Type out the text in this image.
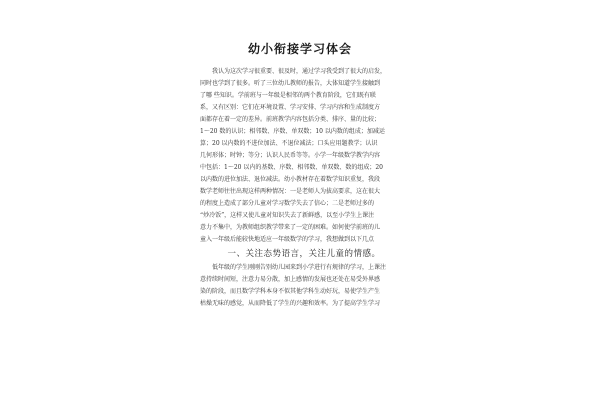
幼小衔接学习体会
我认为这次学习很重要、很及时，通过学习我受到了很大的启发，
同时也学到了很多。听了三位幼儿教师的报告，大体知道学生接触到
了哪 些知识。学前班与一年级是相邻的两个教育阶段，它们既有联
系，又有区别：它们在环境设置、学习安排、学习内容和生成制度方
面都存在着一定的差异。前班教学内容包括分类、排序、量的比较；
1～20 数的认识；相邻数、序数、单双数；10 以内数的组成；加减运
算；20 以内数的不进位加法、不退位减法；口头应用题教学；认识
几何形体；时钟；等分；认识人民币等等。小学一年级数学教学内容
中包括：1～20 以内的基数、序数、相邻数、单双数、数的组成；20
以内数的进位加法、退位减法。幼小教材存在着数学知识重复，我段
数学老师往往出现这样两种情况：一是老师人为拔高要求，这在很大
的程度上造成了部分儿童对学习数学失去了信心；二是老师过多的
“炒冷饭”，这样又使儿童对知识失去了新鲜感，以至小学生上课注
意力不集中，为教师组织教学带来了一定的困难。如何使学前班的儿
童入一年级后能较快地适应一年级数学的学习，我想做到以下几点
一、关注态势语言，关注儿童的情感。
低年级的学生刚刚告别幼儿园来到小学进行有规律的学习，上课注
意持续时间短，注意力易分散，加上感情的发展也还处在易受外界感
染的阶段，而且数学学科本身不似其他学科生动好玩，易使学生产生
枯燥无味的感觉，从而降低了学生的兴趣和效率。为了提高学生学习
